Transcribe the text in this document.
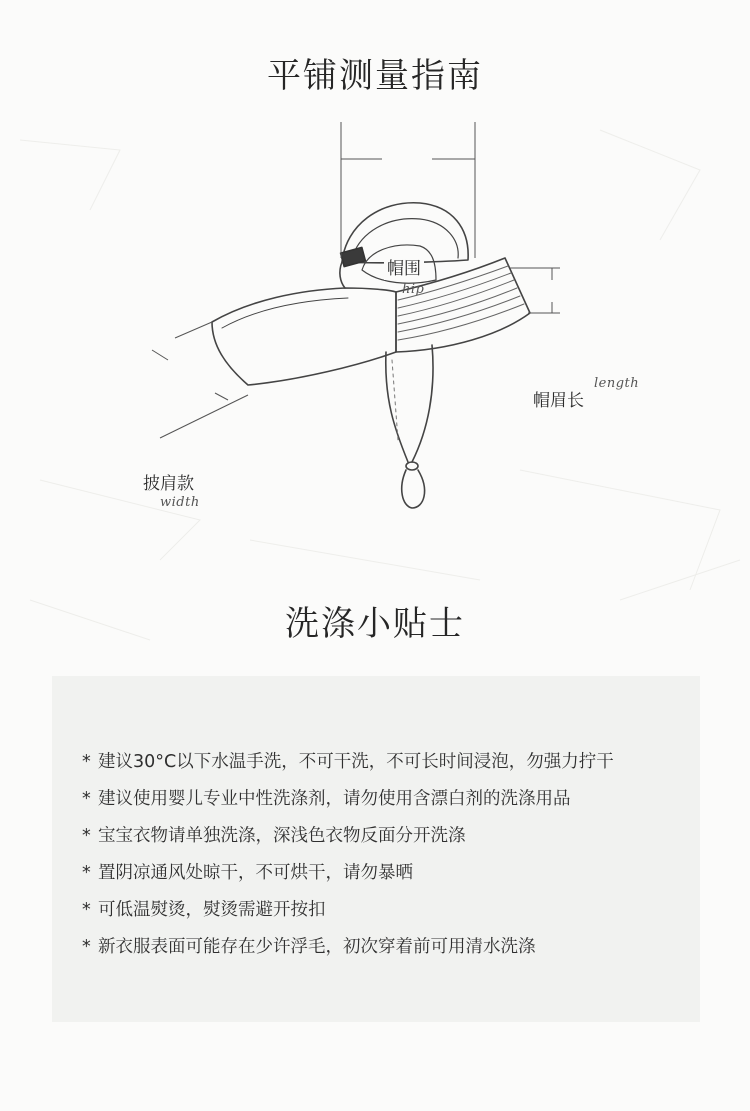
平铺测量指南
帽围
hip
帽眉长
length
披肩款
width
洗涤小贴士
* 建议30°C以下水温手洗，不可干洗，不可长时间浸泡，勿强力拧干
* 建议使用婴儿专业中性洗涤剂，请勿使用含漂白剂的洗涤用品
* 宝宝衣物请单独洗涤，深浅色衣物反面分开洗涤
* 置阴凉通风处晾干，不可烘干，请勿暴晒
* 可低温熨烫，熨烫需避开按扣
* 新衣服表面可能存在少许浮毛，初次穿着前可用清水洗涤
